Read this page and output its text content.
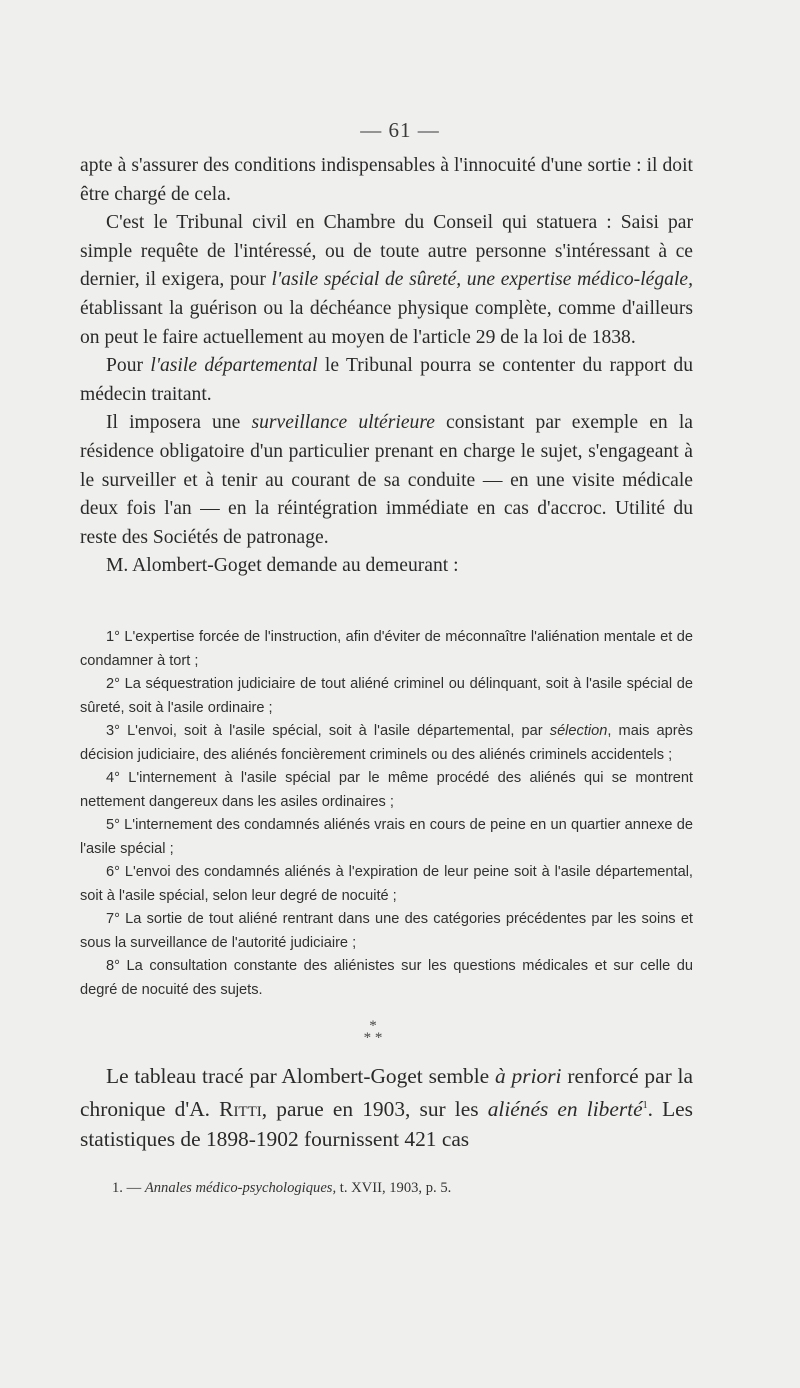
— 61 —

apte à s'assurer des conditions indispensables à l'innocuité d'une sortie : il doit être chargé de cela.

C'est le Tribunal civil en Chambre du Conseil qui statuera : Saisi par simple requête de l'intéressé, ou de toute autre personne s'intéressant à ce dernier, il exigera, pour l'asile spécial de sûreté, une expertise médico-légale, établissant la guérison ou la déchéance physique complète, comme d'ailleurs on peut le faire actuellement au moyen de l'article 29 de la loi de 1838.

Pour l'asile départemental le Tribunal pourra se contenter du rapport du médecin traitant.

Il imposera une surveillance ultérieure consistant par exemple en la résidence obligatoire d'un particulier prenant en charge le sujet, s'engageant à le surveiller et à tenir au courant de sa conduite — en une visite médicale deux fois l'an — en la réintégration immédiate en cas d'accroc. Utilité du reste des Sociétés de patronage.

M. Alombert-Goget demande au demeurant :

1° L'expertise forcée de l'instruction, afin d'éviter de méconnaître l'aliénation mentale et de condamner à tort ;

2° La séquestration judiciaire de tout aliéné criminel ou délinquant, soit à l'asile spécial de sûreté, soit à l'asile ordinaire ;

3° L'envoi, soit à l'asile spécial, soit à l'asile départemental, par sélection, mais après décision judiciaire, des aliénés foncièrement criminels ou des aliénés criminels accidentels ;

4° L'internement à l'asile spécial par le même procédé des aliénés qui se montrent nettement dangereux dans les asiles ordinaires ;

5° L'internement des condamnés aliénés vrais en cours de peine en un quartier annexe de l'asile spécial ;

6° L'envoi des condamnés aliénés à l'expiration de leur peine soit à l'asile départemental, soit à l'asile spécial, selon leur degré de nocuité ;

7° La sortie de tout aliéné rentrant dans une des catégories précédentes par les soins et sous la surveillance de l'autorité judiciaire ;

8° La consultation constante des aliénistes sur les questions médicales et sur celle du degré de nocuité des sujets.

*
* *

Le tableau tracé par Alombert-Goget semble à priori renforcé par la chronique d'A. Ritti, parue en 1903, sur les aliénés en liberté$^1$. Les statistiques de 1898-1902 fournissent 421 cas

1. — Annales médico-psychologiques, t. XVII, 1903, p. 5.
